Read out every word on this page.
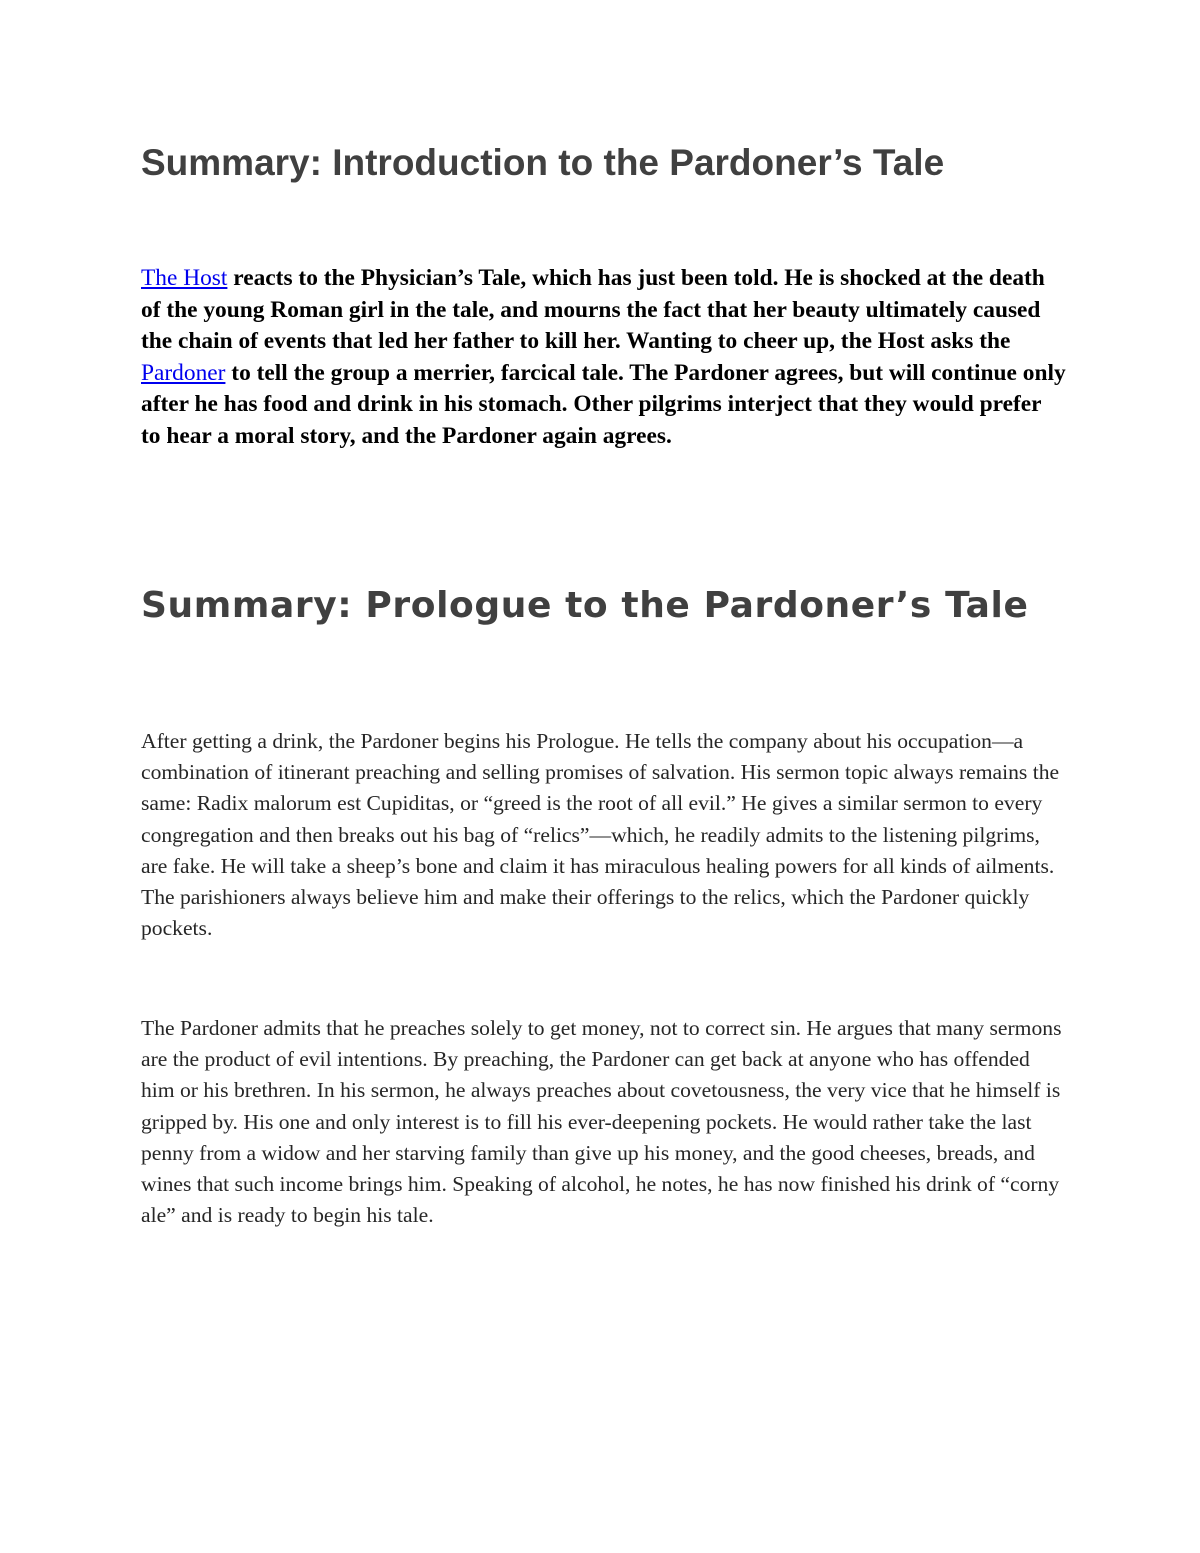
Summary: Introduction to the Pardoner’s Tale

The Host reacts to the Physician’s Tale, which has just been told. He is shocked at the death of the young Roman girl in the tale, and mourns the fact that her beauty ultimately caused the chain of events that led her father to kill her. Wanting to cheer up, the Host asks the Pardoner to tell the group a merrier, farcical tale. The Pardoner agrees, but will continue only after he has food and drink in his stomach. Other pilgrims interject that they would prefer to hear a moral story, and the Pardoner again agrees.

Summary: Prologue to the Pardoner’s Tale

After getting a drink, the Pardoner begins his Prologue. He tells the company about his occupation—a combination of itinerant preaching and selling promises of salvation. His sermon topic always remains the same: Radix malorum est Cupiditas, or “greed is the root of all evil.” He gives a similar sermon to every congregation and then breaks out his bag of “relics”—which, he readily admits to the listening pilgrims, are fake. He will take a sheep’s bone and claim it has miraculous healing powers for all kinds of ailments. The parishioners always believe him and make their offerings to the relics, which the Pardoner quickly pockets.

The Pardoner admits that he preaches solely to get money, not to correct sin. He argues that many sermons are the product of evil intentions. By preaching, the Pardoner can get back at anyone who has offended him or his brethren. In his sermon, he always preaches about covetousness, the very vice that he himself is gripped by. His one and only interest is to fill his ever-deepening pockets. He would rather take the last penny from a widow and her starving family than give up his money, and the good cheeses, breads, and wines that such income brings him. Speaking of alcohol, he notes, he has now finished his drink of “corny ale” and is ready to begin his tale.
